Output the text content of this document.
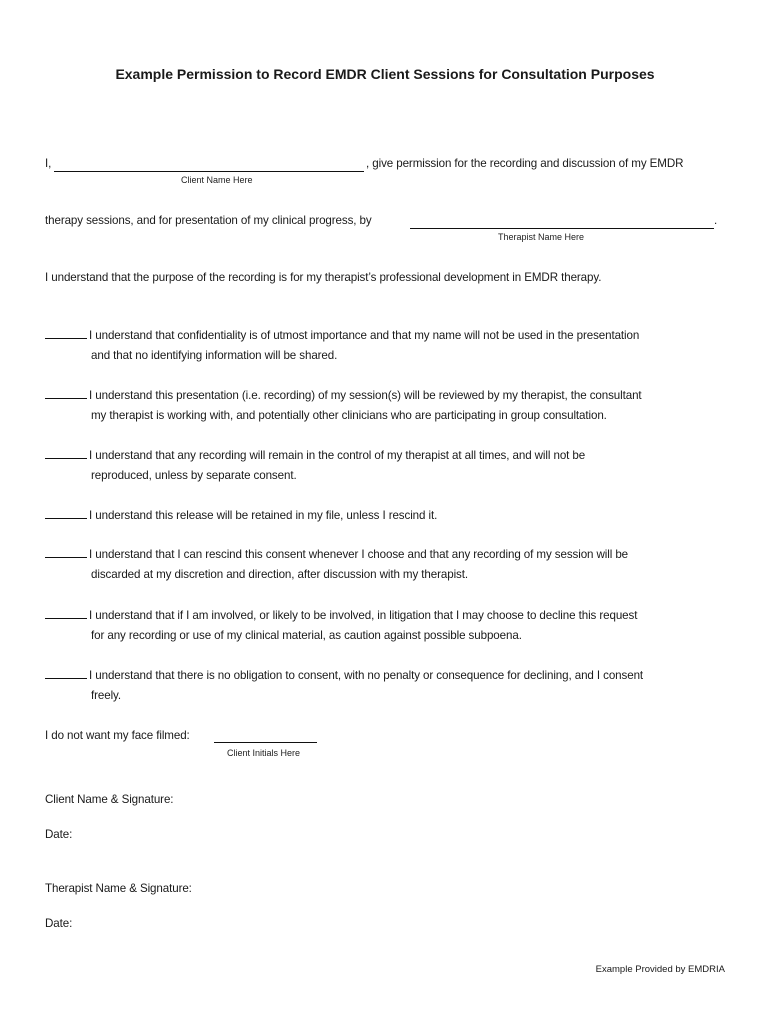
Example Permission to Record EMDR Client Sessions for Consultation Purposes
I,	, give permission for the recording and discussion of my EMDR
Client Name Here
therapy sessions, and for presentation of my clinical progress, by	.
Therapist Name Here
I understand that the purpose of the recording is for my therapist’s professional development in EMDR therapy.
I understand that confidentiality is of utmost importance and that my name will not be used in the presentation
and that no identifying information will be shared.
I understand this presentation (i.e. recording) of my session(s) will be reviewed by my therapist, the consultant
my therapist is working with, and potentially other clinicians who are participating in group consultation.
I understand that any recording will remain in the control of my therapist at all times, and will not be
reproduced, unless by separate consent.
I understand this release will be retained in my file, unless I rescind it.
I understand that I can rescind this consent whenever I choose and that any recording of my session will be
discarded at my discretion and direction, after discussion with my therapist.
I understand that if I am involved, or likely to be involved, in litigation that I may choose to decline this request
for any recording or use of my clinical material, as caution against possible subpoena.
I understand that there is no obligation to consent, with no penalty or consequence for declining, and I consent
freely.
I do not want my face filmed:
Client Initials Here
Client Name & Signature:
Date:
Therapist Name & Signature:
Date:
Example Provided by EMDRIA
